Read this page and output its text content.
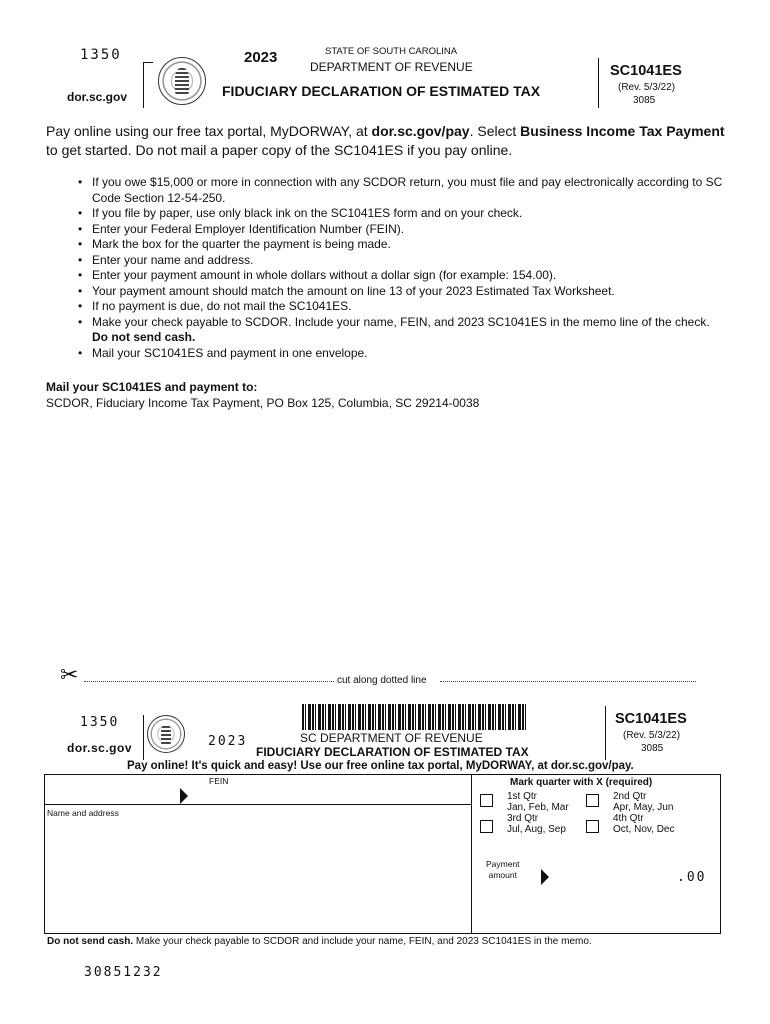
1350
dor.sc.gov
2023	STATE OF SOUTH CAROLINA
DEPARTMENT OF REVENUE
FIDUCIARY DECLARATION OF ESTIMATED TAX
SC1041ES
(Rev. 5/3/22)
3085
Pay online using our free tax portal, MyDORWAY, at dor.sc.gov/pay. Select Business Income Tax Payment to get started. Do not mail a paper copy of the SC1041ES if you pay online.
• If you owe $15,000 or more in connection with any SCDOR return, you must file and pay electronically according to SC Code Section 12-54-250.
• If you file by paper, use only black ink on the SC1041ES form and on your check.
• Enter your Federal Employer Identification Number (FEIN).
• Mark the box for the quarter the payment is being made.
• Enter your name and address.
• Enter your payment amount in whole dollars without a dollar sign (for example: 154.00).
• Your payment amount should match the amount on line 13 of your 2023 Estimated Tax Worksheet.
• If no payment is due, do not mail the SC1041ES.
• Make your check payable to SCDOR. Include your name, FEIN, and 2023 SC1041ES in the memo line of the check. Do not send cash.
• Mail your SC1041ES and payment in one envelope.
Mail your SC1041ES and payment to:
SCDOR, Fiduciary Income Tax Payment, PO Box 125, Columbia, SC 29214-0038
✂	cut along dotted line
1350
dor.sc.gov	2023	SC DEPARTMENT OF REVENUE
FIDUCIARY DECLARATION OF ESTIMATED TAX
SC1041ES
(Rev. 5/3/22)
3085
Pay online! It's quick and easy! Use our free online tax portal, MyDORWAY, at dor.sc.gov/pay.
FEIN
Name and address
Mark quarter with X (required)
1st Qtr
Jan, Feb, Mar
2nd Qtr
Apr, May, Jun
3rd Qtr
Jul, Aug, Sep
4th Qtr
Oct, Nov, Dec
Payment
amount	.00
Do not send cash. Make your check payable to SCDOR and include your name, FEIN, and 2023 SC1041ES in the memo.
30851232
